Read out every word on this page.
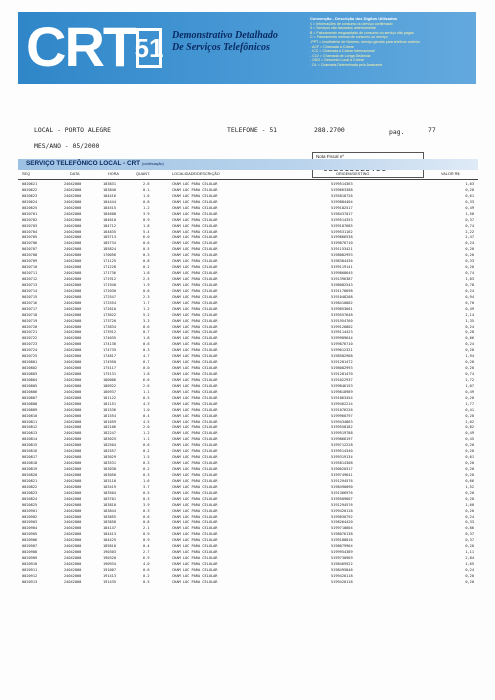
CRT 51 Demonstrativo Detalhado
De Serviços Telefônicos
Convenção - Descrição dos Dígitos Utilizados
1 = Informações de consumo ou serviço confirmado
3 = Serviços não faturados anteriormente
B = Faturamento resguardado de consumo ou serviço não pagas
C = Faturamento mensal de consumo ou serviço
-PPT = Insuficiente de Número, serviço gerado para telefone anterior
- ACF = Chamada a Cobrar
- ICC = Chamada a Cobrar Internacional
- CLV = Chamada de Longa Distância
- DDG = Desconto Local a Cobrar
- DL = Chamada Determinada pelo Assinante
LOCAL - PORTO ALEGRE
MES/ANO - 05/2000
TELEFONE - 51	288.2700	pag.	77
Nota Fiscal nº
SERVIÇO TELEFÔNICO LOCAL - CRT (continuação)
SEQ	DATA	HORA	QUANT.	LOCALIDADE/DESCRIÇÃO	ORIGEM/DESTINO	VALOR R$
0020621	24042000	183831	2.6	CHAM LOC PARA CELULAR	5199514363	1,03
0020622	24042000	183840	0.1	CHAM LOC PARA CELULAR	5199663388	0,20
0020623	24042000	184416	1.6	CHAM LOC PARA CELULAR	5195818726	0,61
0020624	24042000	184444	0.8	CHAM LOC PARA CELULAR	5199884404	0,33
0020625	24042000	184515	1.2	CHAM LOC PARA CELULAR	5199182517	0,49
0020701	24042000	184608	3.9	CHAM LOC PARA CELULAR	5198437017	1,50
0020702	24042000	184610	0.9	CHAM LOC PARA CELULAR	5199514353	0,37
0020703	24042000	184712	1.8	CHAM LOC PARA CELULAR	5199187685	0,74
0020704	24042000	184835	5.4	CHAM LOC PARA CELULAR	5199531162	2,22
0020705	24042000	185713	6.0	CHAM LOC PARA CELULAR	5199866538	2,47
0020706	24042000	185734	0.6	CHAM LOC PARA CELULAR	5199876710	0,24
0020707	24042000	185824	0.5	CHAM LOC PARA CELULAR	5191153421	0,20
0020708	24042000	170056	0.3	CHAM LOC PARA CELULAR	5198082993	0,20
0020709	24042000	171125	0.8	CHAM LOC PARA CELULAR	5198384436	0,33
0020710	24042000	171228	0.2	CHAM LOC PARA CELULAR	5199119141	0,20
0020711	24042000	171736	1.8	CHAM LOC PARA CELULAR	5199868645	0,74
0020712	24042000	171912	2.5	CHAM LOC PARA CELULAR	5191396387	1,03
0020713	24042000	171940	1.9	CHAM LOC PARA CELULAR	5198082543	0,78
0020714	24042000	172030	0.6	CHAM LOC PARA CELULAR	5191178698	0,24
0020715	24042000	172547	2.3	CHAM LOC PARA CELULAR	5191048208	0,94
0020716	24042000	172554	1.7	CHAM LOC PARA CELULAR	5198410802	0,70
0020717	24042000	172610	1.2	CHAM LOC PARA CELULAR	5199853601	0,49
0020718	24042000	173622	5.2	CHAM LOC PARA CELULAR	5199557648	2,14
0020719	24042000	173720	3.3	CHAM LOC PARA CELULAR	5191954760	1,35
0020720	24042000	173834	0.6	CHAM LOC PARA CELULAR	5199120802	0,24
0020721	24042000	173912	0.7	CHAM LOC PARA CELULAR	5199114423	0,28
0020722	24042000	174035	1.8	CHAM LOC PARA CELULAR	5199989644	0,66
0020723	24042000	174136	0.6	CHAM LOC PARA CELULAR	5199876710	0,24
0020724	24042000	174735	0.3	CHAM LOC PARA CELULAR	5199012321	0,20
0020725	24042000	174817	4.7	CHAM LOC PARA CELULAR	5198582968	1,94
0020801	24042000	174950	0.7	CHAM LOC PARA CELULAR	5191281472	0,28
0020802	24042000	175117	0.0	CHAM LOC PARA CELULAR	5198082993	0,20
0020803	24042000	175131	1.8	CHAM LOC PARA CELULAR	5191281470	0,74
0020804	24042000	180006	6.6	CHAM LOC PARA CELULAR	5191022937	2,72
0020805	24042000	180922	2.6	CHAM LOC PARA CELULAR	5199846153	1,07
0020806	24042000	180937	1.1	CHAM LOC PARA CELULAR	5199818989	0,49
0020807	24042000	181122	0.5	CHAM LOC PARA CELULAR	5191063454	0,20
0020808	24042000	181151	4.3	CHAM LOC PARA CELULAR	5199462214	1,77
0020809	24042000	181536	1.0	CHAM LOC PARA CELULAR	5191076226	0,41
0020810	24042000	181554	0.4	CHAM LOC PARA CELULAR	5199960797	0,20
0020811	24042000	181659	4.5	CHAM LOC PARA CELULAR	5199434863	2,02
0020812	24042000	182106	2.0	CHAM LOC PARA CELULAR	5199558182	0,82
0020813	24042000	182247	1.2	CHAM LOC PARA CELULAR	5199519788	0,49
0020814	24042000	183025	1.1	CHAM LOC PARA CELULAR	5199868197	0,45
0020815	24042000	182504	0.6	CHAM LOC PARA CELULAR	5199712228	0,20
0020816	24042000	182557	0.2	CHAM LOC PARA CELULAR	5199514340	0,20
0020817	24042000	183029	1.5	CHAM LOC PARA CELULAR	5199319134	0,61
0020818	24042000	183531	0.3	CHAM LOC PARA CELULAR	5195814308	0,20
0020819	24042000	183038	0.2	CHAM LOC PARA CELULAR	5190020317	0,20
0020820	24042000	183050	0.3	CHAM LOC PARA CELULAR	5199749641	0,20
0020821	24042000	183110	1.6	CHAM LOC PARA CELULAR	5191294576	0,66
0020822	24042000	183419	3.7	CHAM LOC PARA CELULAR	5198490090	1,52
0020823	24042000	183504	0.5	CHAM LOC PARA CELULAR	5191366976	0,20
0020824	24042000	183701	0.3	CHAM LOC PARA CELULAR	5199509607	0,20
0020825	24042000	183810	3.9	CHAM LOC PARA CELULAR	5191294576	1,60
0020901	24042000	183844	0.3	CHAM LOC PARA CELULAR	5199420118	0,20
0020902	24042000	183855	0.6	CHAM LOC PARA CELULAR	5199830792	0,24
0020903	24042000	183858	0.8	CHAM LOC PARA CELULAR	5198264420	0,33
0020904	24042000	184147	2.1	CHAM LOC PARA CELULAR	5199718604	0,86
0020905	24042000	184413	0.9	CHAM LOC PARA CELULAR	5198076138	0,37
0020906	24042000	184425	0.9	CHAM LOC PARA CELULAR	5199188016	0,37
0020907	24042000	185810	0.4	CHAM LOC PARA CELULAR	5198079964	0,20
0020908	24042000	190303	2.7	CHAM LOC PARA CELULAR	5199954389	1,11
0020909	24042000	190320	6.9	CHAM LOC PARA CELULAR	5199730969	2,84
0020910	24042000	190934	4.0	CHAM LOC PARA CELULAR	5198465922	1,65
0020911	24042000	191007	0.6	CHAM LOC PARA CELULAR	5198495846	0,24
0020912	24042000	191413	0.2	CHAM LOC PARA CELULAR	5199420118	0,20
0020913	24042000	191435	0.5	CHAM LOC PARA CELULAR	5199420118	0,20
